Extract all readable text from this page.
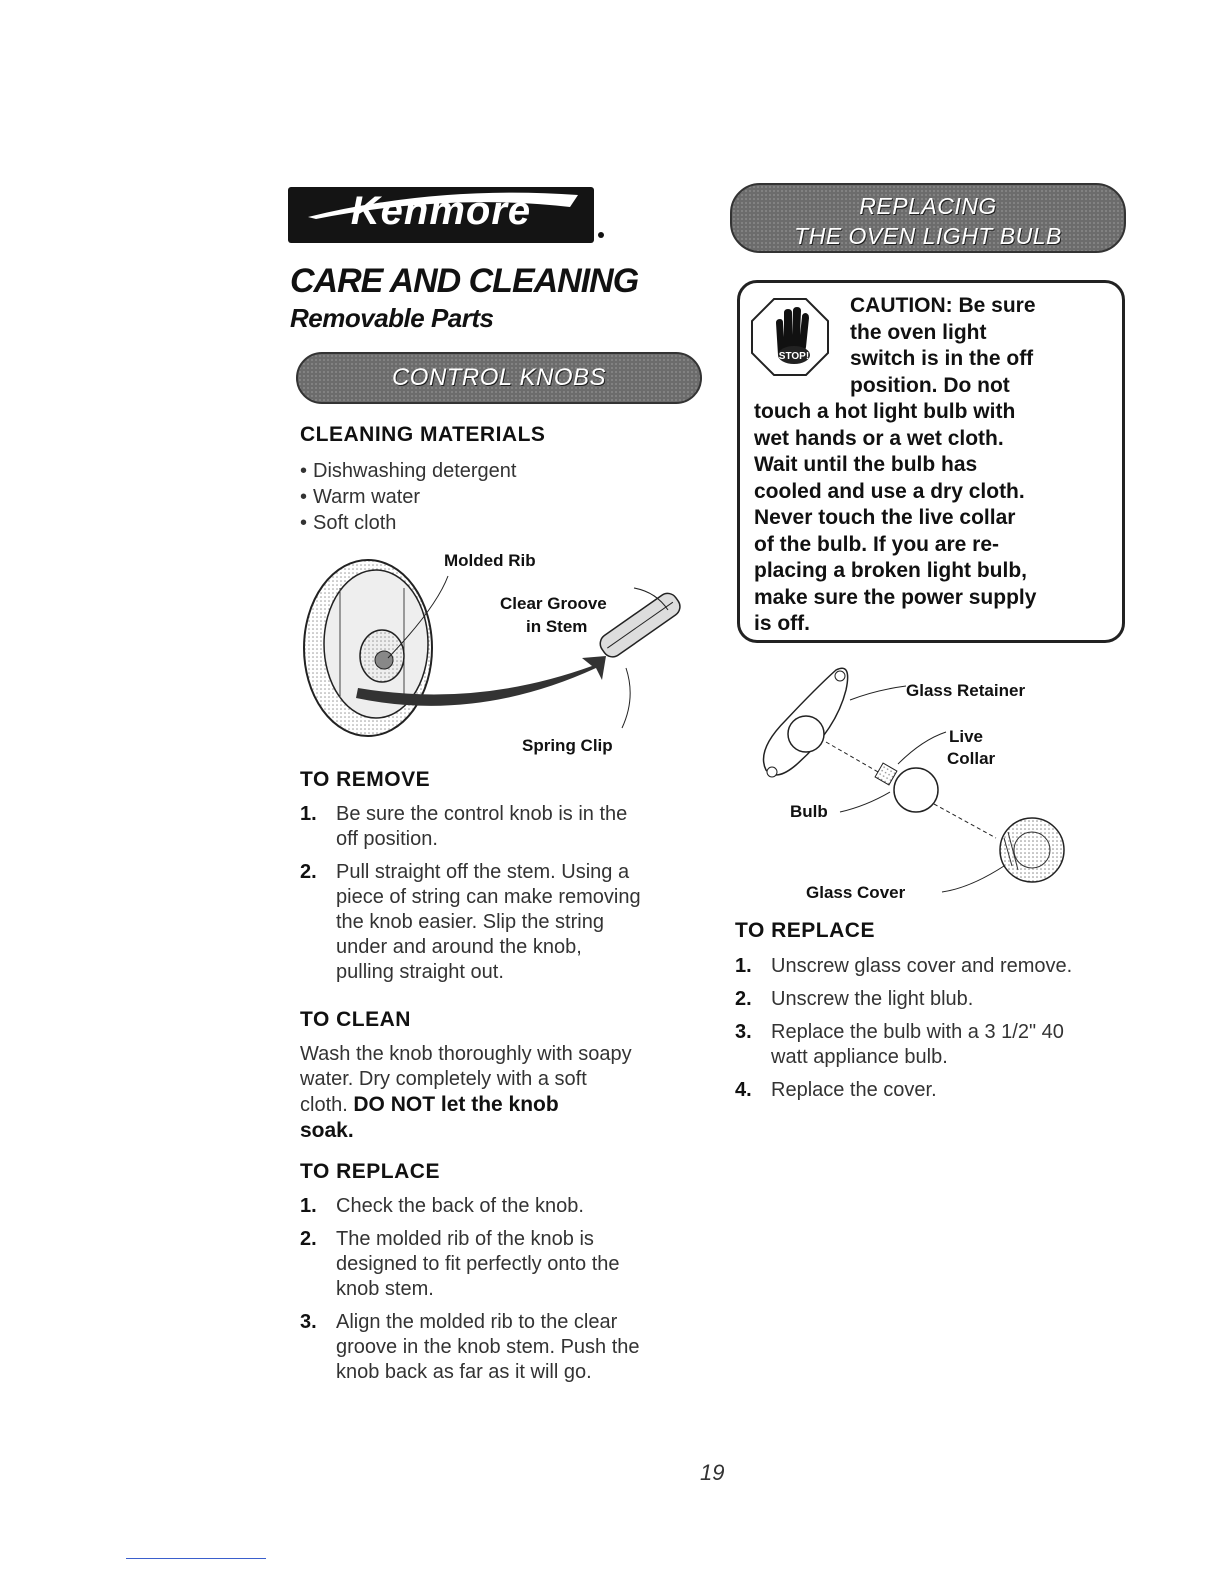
Kenmore
CARE AND CLEANING
Removable Parts
CONTROL KNOBS
CLEANING MATERIALS
• Dishwashing detergent
• Warm water
• Soft cloth
Molded Rib
Clear Groove
in Stem
Spring Clip
TO REMOVE
1. Be sure the control knob is in the
off position.
2. Pull straight off the stem. Using a
piece of string can make removing
the knob easier. Slip the string
under and around the knob,
pulling straight out.
TO CLEAN
Wash the knob thoroughly with soapy
water. Dry completely with a soft
cloth. DO NOT let the knob
soak.
TO REPLACE
1. Check the back of the knob.
2. The molded rib of the knob is
designed to fit perfectly onto the
knob stem.
3. Align the molded rib to the clear
groove in the knob stem. Push the
knob back as far as it will go.
REPLACING
THE OVEN LIGHT BULB
STOP!
CAUTION: Be sure
the oven light
switch is in the off
position. Do not
touch a hot light bulb with
wet hands or a wet cloth.
Wait until the bulb has
cooled and use a dry cloth.
Never touch the live collar
of the bulb. If you are re-
placing a broken light bulb,
make sure the power supply
is off.
Glass Retainer
Live
Collar
Bulb
Glass Cover
TO REPLACE
1. Unscrew glass cover and remove.
2. Unscrew the light blub.
3. Replace the bulb with a 3 1/2" 40
watt appliance bulb.
4. Replace the cover.
19
